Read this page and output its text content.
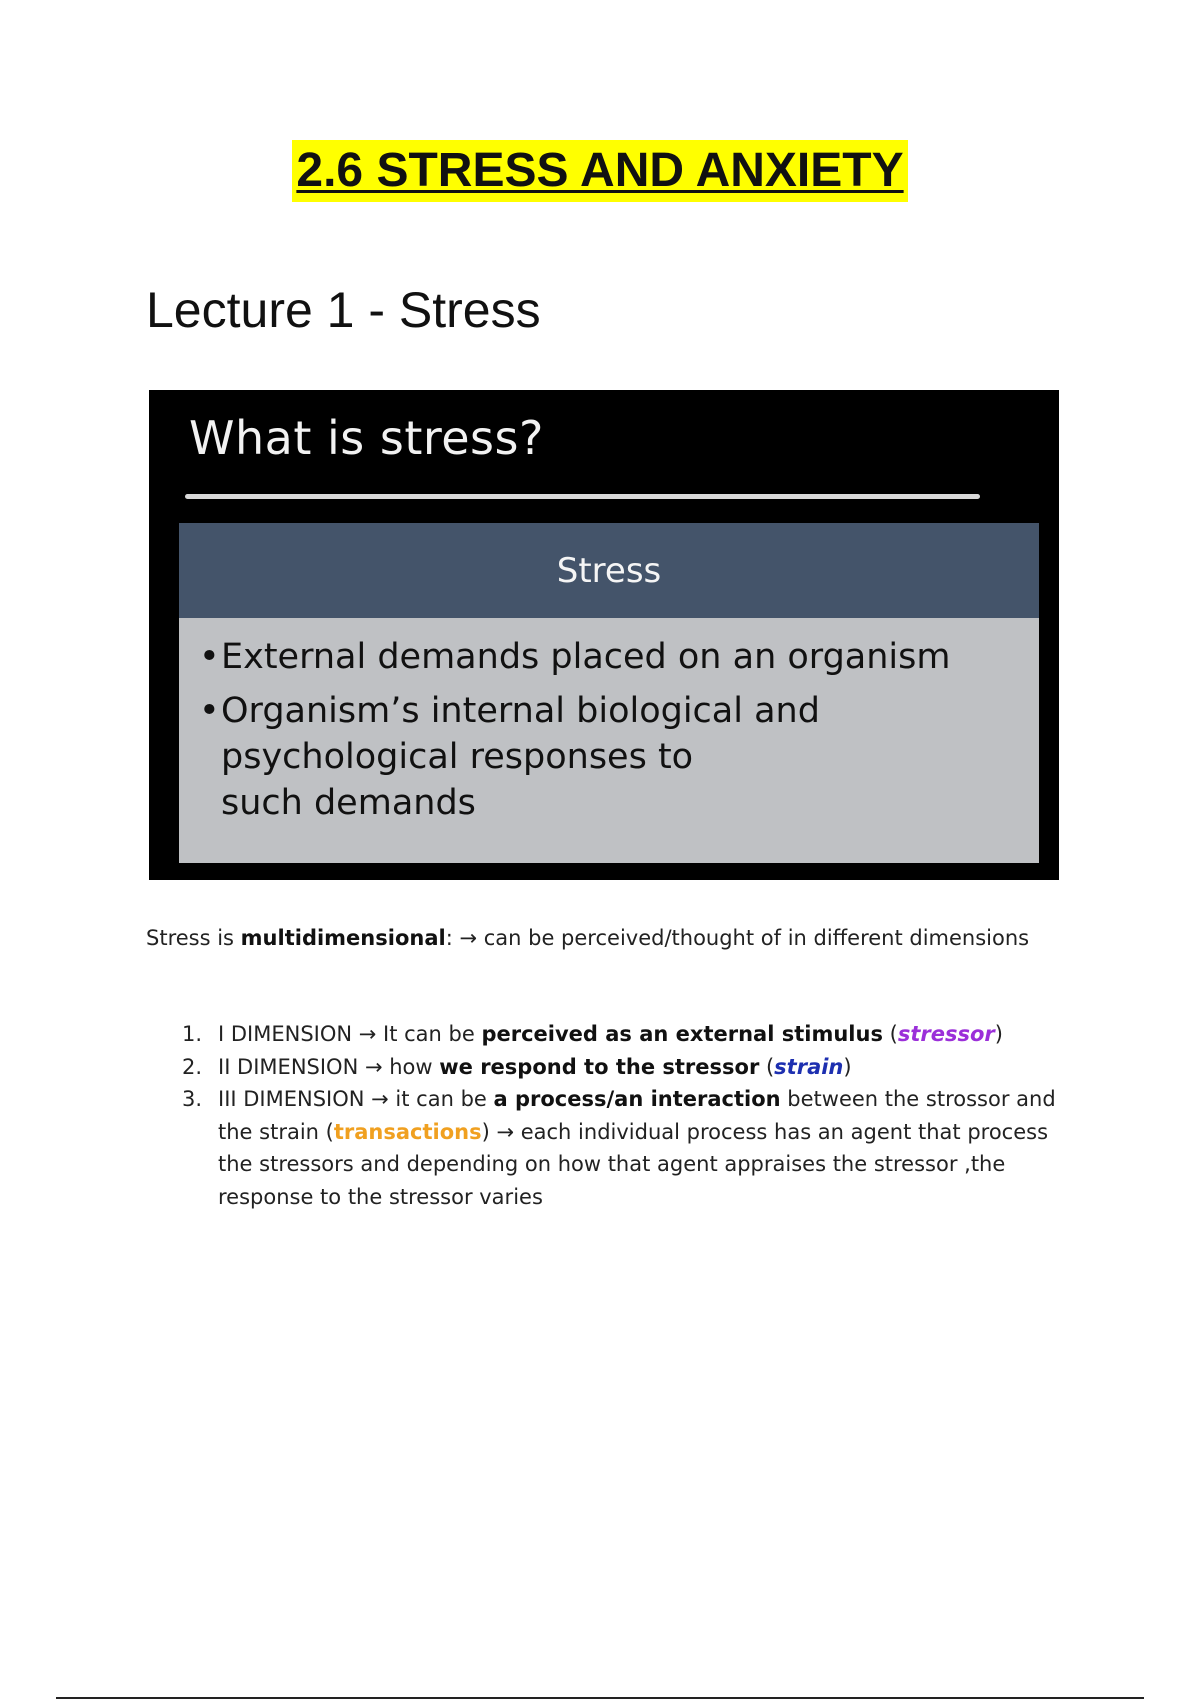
2.6 STRESS AND ANXIETY
Lecture 1 - Stress
What is stress?
Stress
• External demands placed on an organism
• Organism’s internal biological and
psychological responses to
such demands

Stress is multidimensional: → can be perceived/thought of in different dimensions

1. I DIMENSION → It can be perceived as an external stimulus (stressor)
2. II DIMENSION → how we respond to the stressor (strain)
3. III DIMENSION → it can be a process/an interaction between the strossor and the strain (transactions) → each individual process has an agent that process the stressors and depending on how that agent appraises the stressor ,the response to the stressor varies
